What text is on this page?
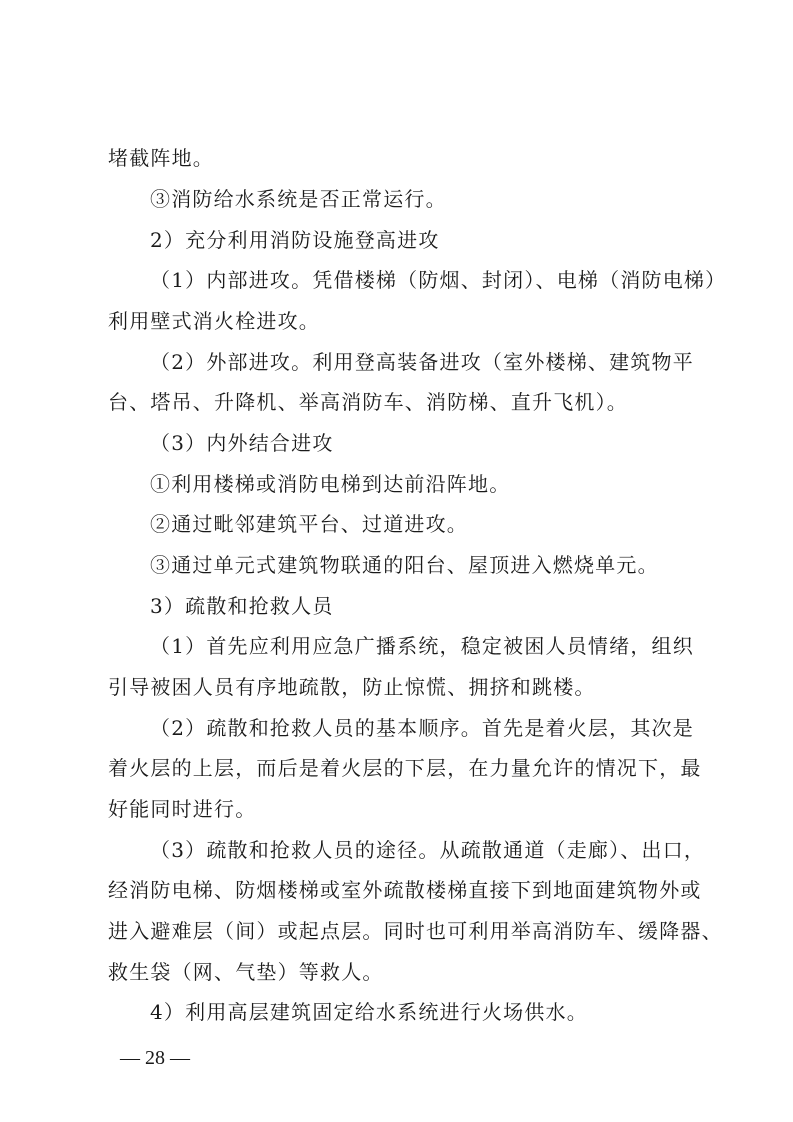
堵截阵地。
③消防给水系统是否正常运行。
2）充分利用消防设施登高进攻
（1）内部进攻。凭借楼梯（防烟、封闭）、电梯（消防电梯）
利用壁式消火栓进攻。
（2）外部进攻。利用登高装备进攻（室外楼梯、建筑物平
台、塔吊、升降机、举高消防车、消防梯、直升飞机）。
（3）内外结合进攻
①利用楼梯或消防电梯到达前沿阵地。
②通过毗邻建筑平台、过道进攻。
③通过单元式建筑物联通的阳台、屋顶进入燃烧单元。
3）疏散和抢救人员
（1）首先应利用应急广播系统，稳定被困人员情绪，组织
引导被困人员有序地疏散，防止惊慌、拥挤和跳楼。
（2）疏散和抢救人员的基本顺序。首先是着火层，其次是
着火层的上层，而后是着火层的下层，在力量允许的情况下，最
好能同时进行。
（3）疏散和抢救人员的途径。从疏散通道（走廊）、出口，
经消防电梯、防烟楼梯或室外疏散楼梯直接下到地面建筑物外或
进入避难层（间）或起点层。同时也可利用举高消防车、缓降器、
救生袋（网、气垫）等救人。
4）利用高层建筑固定给水系统进行火场供水。
— 28 —
